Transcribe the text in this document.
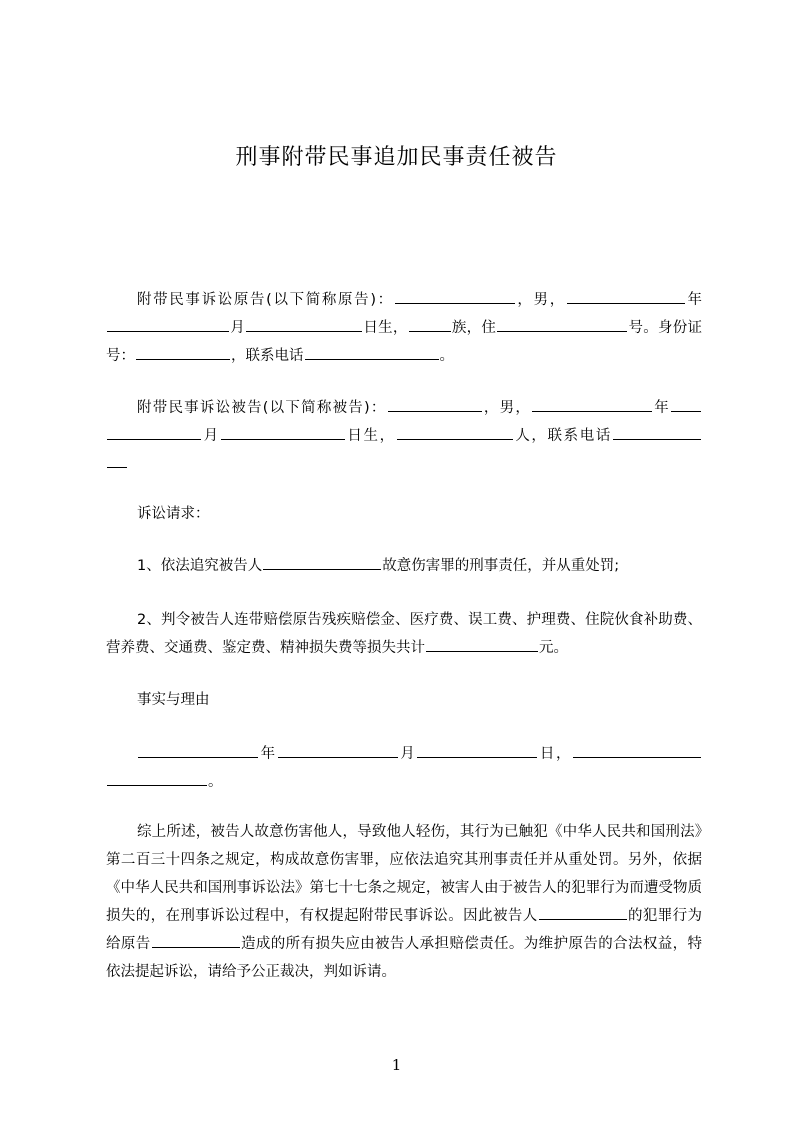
刑事附带民事追加民事责任被告
附带民事诉讼原告(以下简称原告)：	，男，	年月	日生，	族，住	号。身份证号：	，联系电话	。
附带民事诉讼被告(以下简称被告)：	，男，	年月	日生，	人，联系电话
诉讼请求：
1、依法追究被告人	故意伤害罪的刑事责任，并从重处罚;
2、判令被告人连带赔偿原告残疾赔偿金、医疗费、误工费、护理费、住院伙食补助费、营养费、交通费、鉴定费、精神损失费等损失共计	元。
事实与理由
年	月	日，。
综上所述，被告人故意伤害他人，导致他人轻伤，其行为已触犯《中华人民共和国刑法》第二百三十四条之规定，构成故意伤害罪，应依法追究其刑事责任并从重处罚。另外，依据《中华人民共和国刑事诉讼法》第七十七条之规定，被害人由于被告人的犯罪行为而遭受物质损失的，在刑事诉讼过程中，有权提起附带民事诉讼。因此被告人	的犯罪行为给原告	造成的所有损失应由被告人承担赔偿责任。为维护原告的合法权益，特依法提起诉讼，请给予公正裁决，判如诉请。
1
